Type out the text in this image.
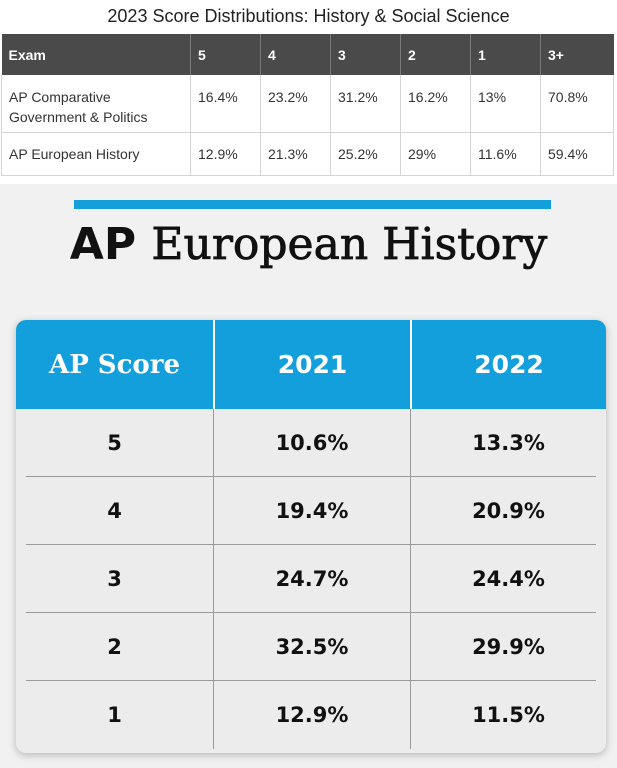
2023 Score Distributions: History & Social Science
Exam	5	4	3	2	1	3+
AP Comparative Government & Politics	16.4%	23.2%	31.2%	16.2%	13%	70.8%
AP European History	12.9%	21.3%	25.2%	29%	11.6%	59.4%
AP European History
AP Score	2021	2022
5	10.6%	13.3%
4	19.4%	20.9%
3	24.7%	24.4%
2	32.5%	29.9%
1	12.9%	11.5%
